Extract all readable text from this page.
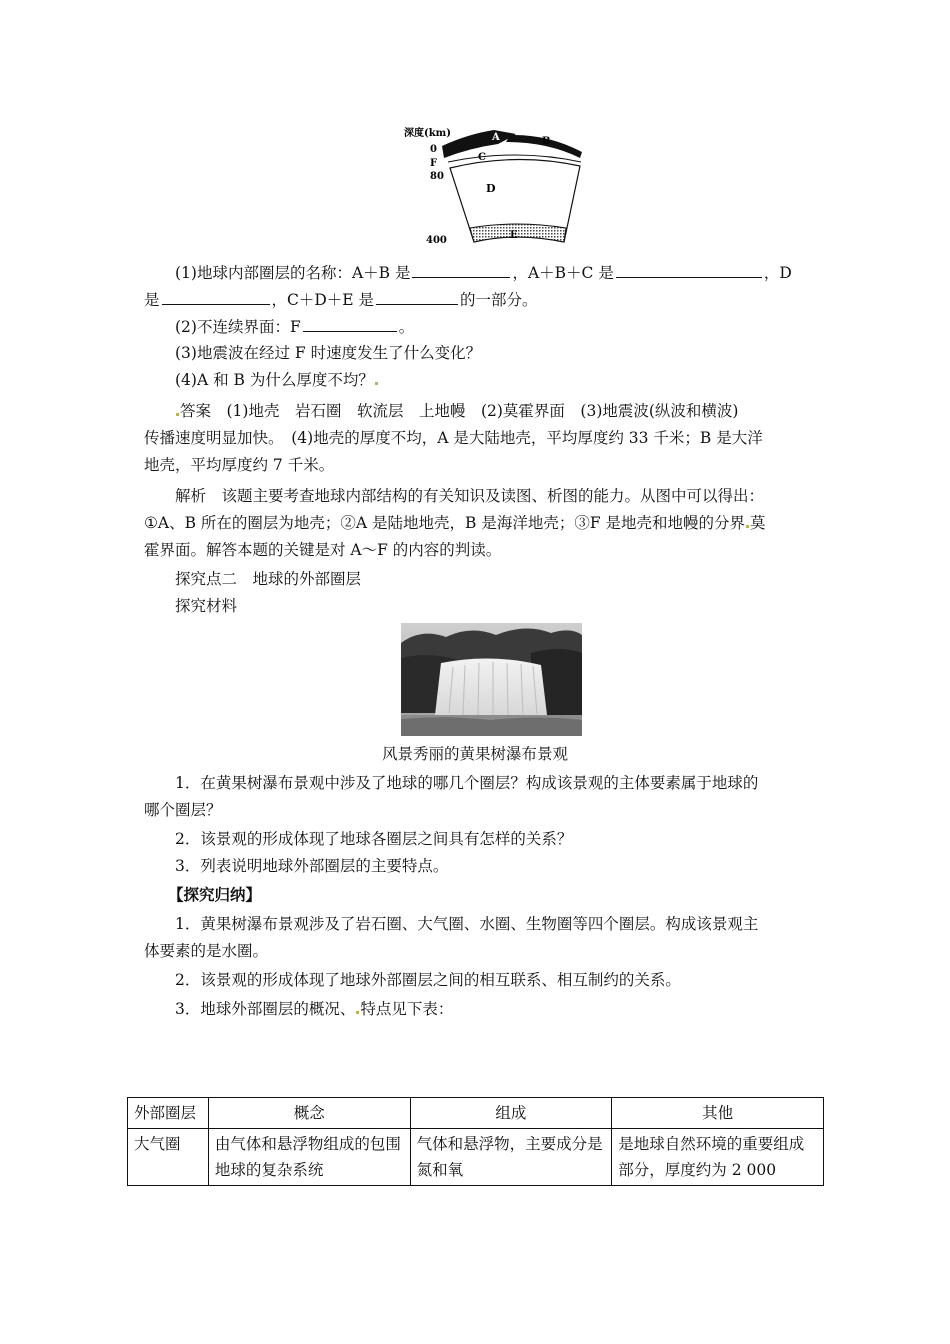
A	B
C
D
E
深度(km)
0
F
80
400
(1)地球内部圈层的名称：A＋B 是	，A＋B＋C 是	，D
是	，C＋D＋E 是	的一部分。
(2)不连续界面：F	。
(3)地震波在经过 F 时速度发生了什么变化？
(4)A 和 B 为什么厚度不均？
答案　(1)地壳　岩石圈　软流层　上地幔　(2)莫霍界面　(3)地震波(纵波和横波)
传播速度明显加快。　(4)地壳的厚度不均，A 是大陆地壳，平均厚度约 33 千米；B 是大洋
地壳，平均厚度约 7 千米。
解析　该题主要考查地球内部结构的有关知识及读图、析图的能力。从图中可以得出：
①A、B 所在的圈层为地壳；②A 是陆地地壳，B 是海洋地壳；③F 是地壳和地幔的分界 莫
霍界面。解答本题的关键是对 A～F 的内容的判读。
探究点二　地球的外部圈层
探究材料
风景秀丽的黄果树瀑布景观
1．在黄果树瀑布景观中涉及了地球的哪几个圈层？构成该景观的主体要素属于地球的
哪个圈层？
2．该景观的形成体现了地球各圈层之间具有怎样的关系？
3．列表说明地球外部圈层的主要特点。
【探究归纳】
1．黄果树瀑布景观涉及了岩石圈、大气圈、水圈、生物圈等四个圈层。构成该景观主
体要素的是水圈。
2．该景观的形成体现了地球外部圈层之间的相互联系、相互制约的关系。
3．地球外部圈层的概况、 特点见下表：
外部圈层	概念	组成	其他
大气圈	由气体和悬浮物组成的包围地球的复杂系统	气体和悬浮物，主要成分是氮和氧	是地球自然环境的重要组成部分，厚度约为 2 000
